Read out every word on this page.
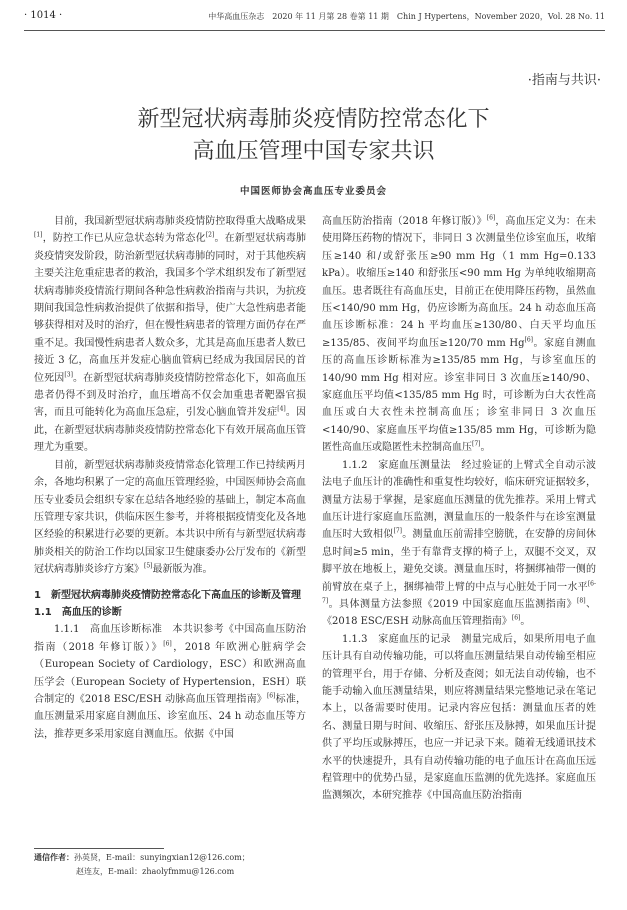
· 1014 ·	中华高血压杂志　2020 年 11 月第 28 卷第 11 期　Chin J Hypertens，November 2020，Vol. 28 No. 11
·指南与共识·
新型冠状病毒肺炎疫情防控常态化下
高血压管理中国专家共识
中国医师协会高血压专业委员会

目前，我国新型冠状病毒肺炎疫情防控取得重大战略成果[1]，防控工作已从应急状态转为常态化[2]。在新型冠状病毒肺炎疫情突发阶段，防治新型冠状病毒肺的同时，对于其他疾病主要关注危重症患者的救治，我国多个学术组织发布了新型冠状病毒肺炎疫情流行期间各种急性病救治指南与共识，为抗疫期间我国急性病救治提供了依据和指导，使广大急性病患者能够获得相对及时的治疗，但在慢性病患者的管理方面仍存在严重不足。我国慢性病患者人数众多，尤其是高血压患者人数已接近 3 亿，高血压并发症心脑血管病已经成为我国居民的首位死因[3]。在新型冠状病毒肺炎疫情防控常态化下，如高血压患者仍得不到及时治疗，血压增高不仅会加重患者靶器官损害，而且可能转化为高血压急症，引发心脑血管并发症[4]。因此，在新型冠状病毒肺炎疫情防控常态化下有效开展高血压管理尤为重要。

目前，新型冠状病毒肺炎疫情常态化管理工作已持续两月余，各地均积累了一定的高血压管理经验，中国医师协会高血压专业委员会组织专家在总结各地经验的基础上，制定本高血压管理专家共识，供临床医生参考，并将根据疫情变化及各地区经验的积累进行必要的更新。本共识中所有与新型冠状病毒肺炎相关的防治工作均以国家卫生健康委办公厅发布的《新型冠状病毒肺炎诊疗方案》[5]最新版为准。

1　新型冠状病毒肺炎疫情防控常态化下高血压的诊断及管理

1.1　高血压的诊断

1.1.1　高血压诊断标准　本共识参考《中国高血压防治指南（2018 年修订版）》[6]，2018 年欧洲心脏病学会（European Society of Cardiology，ESC）和欧洲高血压学会（European Society of Hypertension，ESH）联合制定的《2018 ESC/ESH 动脉高血压管理指南》[6]标准，血压测量采用家庭自测血压、诊室血压、24 h 动态血压等方法，推荐更多采用家庭自测血压。依据《中国

高血压防治指南（2018 年修订版）》[6]，高血压定义为：在未使用降压药物的情况下，非同日 3 次测量坐位诊室血压，收缩压≥140 和/或舒张压≥90 mm Hg（1 mm Hg=0.133 kPa）。收缩压≥140 和舒张压<90 mm Hg 为单纯收缩期高血压。患者既往有高血压史，目前正在使用降压药物，虽然血压<140/90 mm Hg，仍应诊断为高血压。24 h 动态血压高血压诊断标准：24 h 平均血压≥130/80、白天平均血压≥135/85、夜间平均血压≥120/70 mm Hg[6]。家庭自测血压的高血压诊断标准为≥135/85 mm Hg，与诊室血压的 140/90 mm Hg 相对应。诊室非同日 3 次血压≥140/90、家庭血压平均值<135/85 mm Hg 时，可诊断为白大衣性高血压或白大衣性未控制高血压；诊室非同日 3 次血压<140/90、家庭血压平均值≥135/85 mm Hg，可诊断为隐匿性高血压或隐匿性未控制高血压[7]。

1.1.2　家庭血压测量法　经过验证的上臂式全自动示波法电子血压计的准确性和重复性均较好，临床研究证据较多，测量方法易于掌握，是家庭血压测量的优先推荐。采用上臂式血压计进行家庭血压监测，测量血压的一般条件与在诊室测量血压时大致相似[7]。测量血压前需排空膀胱，在安静的房间休息时间≥5 min，坐于有靠背支撑的椅子上，双腿不交叉，双脚平放在地板上，避免交谈。测量血压时，将捆绑袖带一侧的前臂放在桌子上，捆绑袖带上臂的中点与心脏处于同一水平[6-7]。具体测量方法参照《2019 中国家庭血压监测指南》[8]、《2018 ESC/ESH 动脉高血压管理指南》[6]。

1.1.3　家庭血压的记录　测量完成后，如果所用电子血压计具有自动传输功能，可以将血压测量结果自动传输至相应的管理平台，用于存储、分析及查阅；如无法自动传输，也不能手动输入血压测量结果，则应将测量结果完整地记录在笔记本上，以备需要时使用。记录内容应包括：测量血压者的姓名、测量日期与时间、收缩压、舒张压及脉搏，如果血压计提供了平均压或脉搏压，也应一并记录下来。随着无线通讯技术水平的快速提升，具有自动传输功能的电子血压计在高血压远程管理中的优势凸显，是家庭血压监测的优先选择。家庭血压监测频次，本研究推荐《中国高血压防治指南

通信作者：孙英贤，E-mail：sunyingxian12@126.com；
赵连友，E-mail：zhaolyfmmu@126.com
